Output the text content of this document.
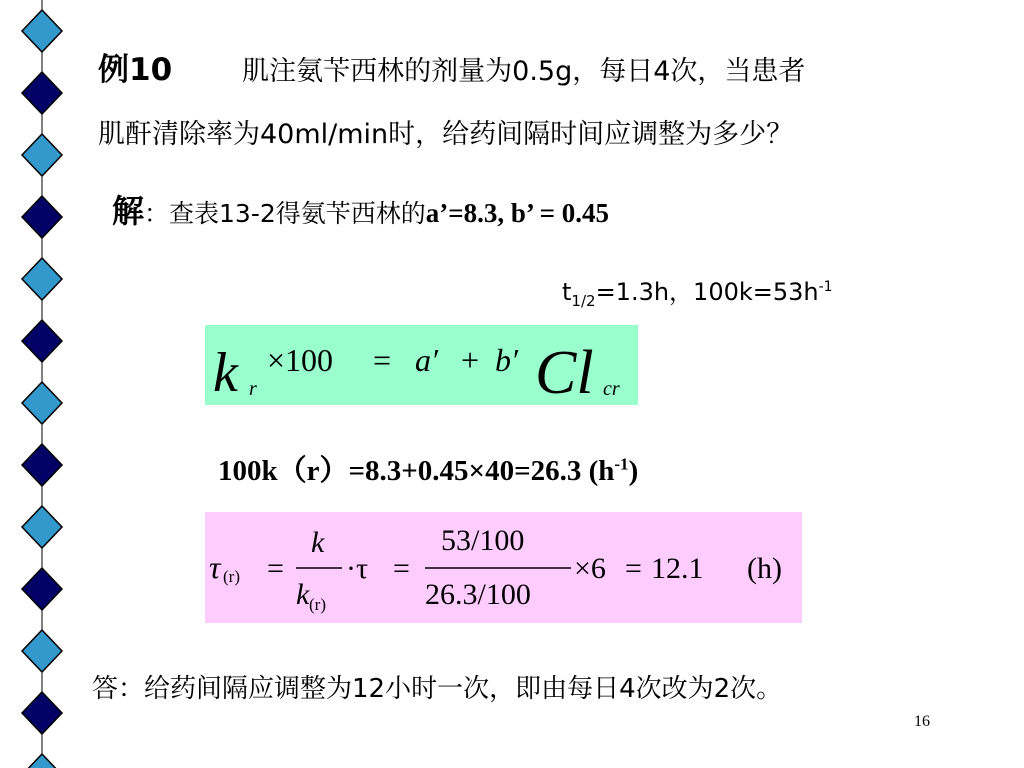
例10	肌注氨苄西林的剂量为0.5g，每日4次，当患者
肌酐清除率为40ml/min时，给药间隔时间应调整为多少？
解：查表13-2得氨苄西林的a’=8.3, b’ = 0.45
$t_{1/2}=1.3h$，$100k=53h^{-1}$
k r
×100 = a′ + b′ Cl cr
100k（r）=8.3+0.45×40=26.3 $(h^{-1})$
τ (r) =
k
k (r)
·τ =
53/100
26.3/100
×6 = 12.1 (h)
答：给药间隔应调整为12小时一次，即由每日4次改为2次。
16
